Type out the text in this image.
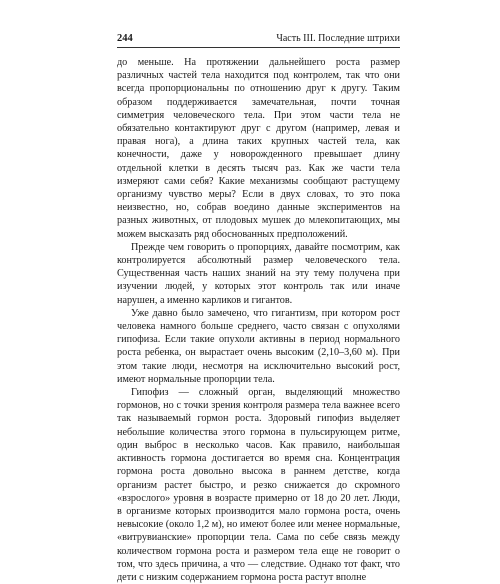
244	Часть III. Последние штрихи

до меньше. На протяжении дальнейшего роста размер различных частей тела находится под контролем, так что они всегда пропорциональны по отношению друг к другу. Таким образом поддерживается замечательная, почти точная симметрия человеческого тела. При этом части тела не обязательно контактируют друг с другом (например, левая и правая нога), а длина таких крупных частей тела, как конечности, даже у новорожденного превышает длину отдельной клетки в десять тысяч раз. Как же части тела измеряют сами себя? Какие механизмы сообщают растущему организму чувство меры? Если в двух словах, то это пока неизвестно, но, собрав воедино данные экспериментов на разных животных, от плодовых мушек до млекопитающих, мы можем высказать ряд обоснованных предположений.

Прежде чем говорить о пропорциях, давайте посмотрим, как контролируется абсолютный размер человеческого тела. Существенная часть наших знаний на эту тему получена при изучении людей, у которых этот контроль так или иначе нарушен, а именно карликов и гигантов.

Уже давно было замечено, что гигантизм, при котором рост человека намного больше среднего, часто связан с опухолями гипофиза. Если такие опухоли активны в период нормального роста ребенка, он вырастает очень высоким (2,10–3,60 м). При этом такие люди, несмотря на исключительно высокий рост, имеют нормальные пропорции тела.

Гипофиз — сложный орган, выделяющий множество гормонов, но с точки зрения контроля размера тела важнее всего так называемый гормон роста. Здоровый гипофиз выделяет небольшие количества этого гормона в пульсирующем ритме, один выброс в несколько часов. Как правило, наибольшая активность гормона достигается во время сна. Концентрация гормона роста довольно высока в раннем детстве, когда организм растет быстро, и резко снижается до скромного «взрослого» уровня в возрасте примерно от 18 до 20 лет. Люди, в организме которых производится мало гормона роста, очень невысокие (около 1,2 м), но имеют более или менее нормальные, «витрувианские» пропорции тела. Сама по себе связь между количеством гормона роста и размером тела еще не говорит о том, что здесь причина, а что — следствие. Однако тот факт, что дети с низким содержанием гормона роста растут вполне
